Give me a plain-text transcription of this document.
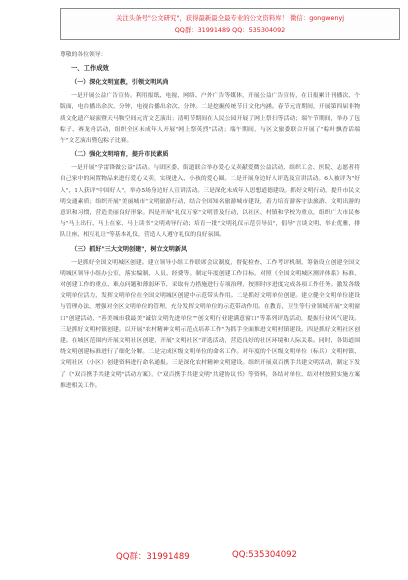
关注头条号"公文研究"，获得最新最全最专业的公文资料库！ 微信：gongwenyj
QQ群：31991489 QQ：535304092

尊敬的各位领导：

一、工作成效

（一）深化文明宣教，引领文明风尚

一是开展公益广告宣传。利用报纸、电视、网络、户外广告等媒体，开展公益广告宣传，在日报累计刊播次、个版面，电台播出余次、分钟，电视台播出余次、分钟。二是挖掘传统节日文化内涵。春节元宵期间，开展第四届非物质文化遗产展演暨天马鞍空间元宵文艺演出；清明节期间在人民公园开展了网上祭扫等活动；端午节期间，举办了包粽子、赛龙舟活动，组织全区未成年人开展"网上祭英烈"活动；端午期间，与区文旅委联合开展了"粽叶飘香话端午"文艺演出暨包粽子比赛。

（二）强化文明培育，提升市民素质

一是开展"学雷锋做公益"活动。与团区委、街道联合举办爱心义卖献爱微公益活动，组织工会、医院、志愿者将自己家中的闲置物品来进行爱心义卖，实现进入、小孩的爱心圈。二是开展身边好人评选及宣讲活动。6人被评为"好人"，1人获评"中国好人"，举办5场身边好人宣讲活动。三是深化未成年人思想道德建设。抓好文明行动，提升市民文明交通素质；组织开展"美丽城市"文明旅游行动，结合全国知名旅游城市建设，着力培育游客守法旅游、文明出游的意识和习惯，营造美丽良好形象。四是开展"礼仪万家"文明普及行动，以社区、村镇和学校为重点，组织广大市民参与"马上出行、马上在家、马上读书"文明劝导行动；培育一批"文明礼仪示范引导员"，倡导"言谈文明、举止优雅、排队让座、相互礼让"等基本礼仪，营造人人遵守礼仪的良好氛围。

（三）抓好"三大文明创建"，树立文明新风

一是抓好全国文明城区创建。建立领导小组工作联席会议制度，督促检查、工作考评机制，筹备设立创建全国文明城区领导小组办公室，落实编制、人员、经费等。制定年度创建工作目标，对照《全国文明城区测评体系》标准，对创建工作的重点、难点问题和薄弱环节，采取有力措施进行专项治理，按照时序进度完成各项工作任务。激发各级文明单位活力，发挥文明单位在全国文明城区创建中示范带头作用。二是抓好文明单位创建。建立健全文明单位建设与管理办法，增强对全区文明单位的管理，充分发挥文明单位的示范带动作用。在教育、卫生等行业领域开展"文明窗口"创建活动，"善美城市我最美"诚信文明先进单位""创文明行业建满意窗口"等系列评选活动，提振行业风气建设。三是抓好文明村镇创建。以开展"农村精神文明示范点培养工作"为抓手全面推进文明村镇建设。四是抓好文明社区创建。在城区范围内开展文明社区创建，开展"文明社区"评选活动，营造良好的社区环境和人际关系。同时，各街道围绕文明创建标准进行了细化分解。二是完成区级文明单位的命名工作。对年度的个区级文明单位（标兵）文明村镇、文明社区（小区）创建资料进行命名通报。三是深化农村精神文明建设。组织开展双百携手共建文明活动，制定下发了《"双百携手共建文明"活动方案》，《"双百携手共建文明"共建协议书》等资料，各结对单位、结对村按照实施方案推进相关工作。

QQ群：31991489	QQ:535304092
